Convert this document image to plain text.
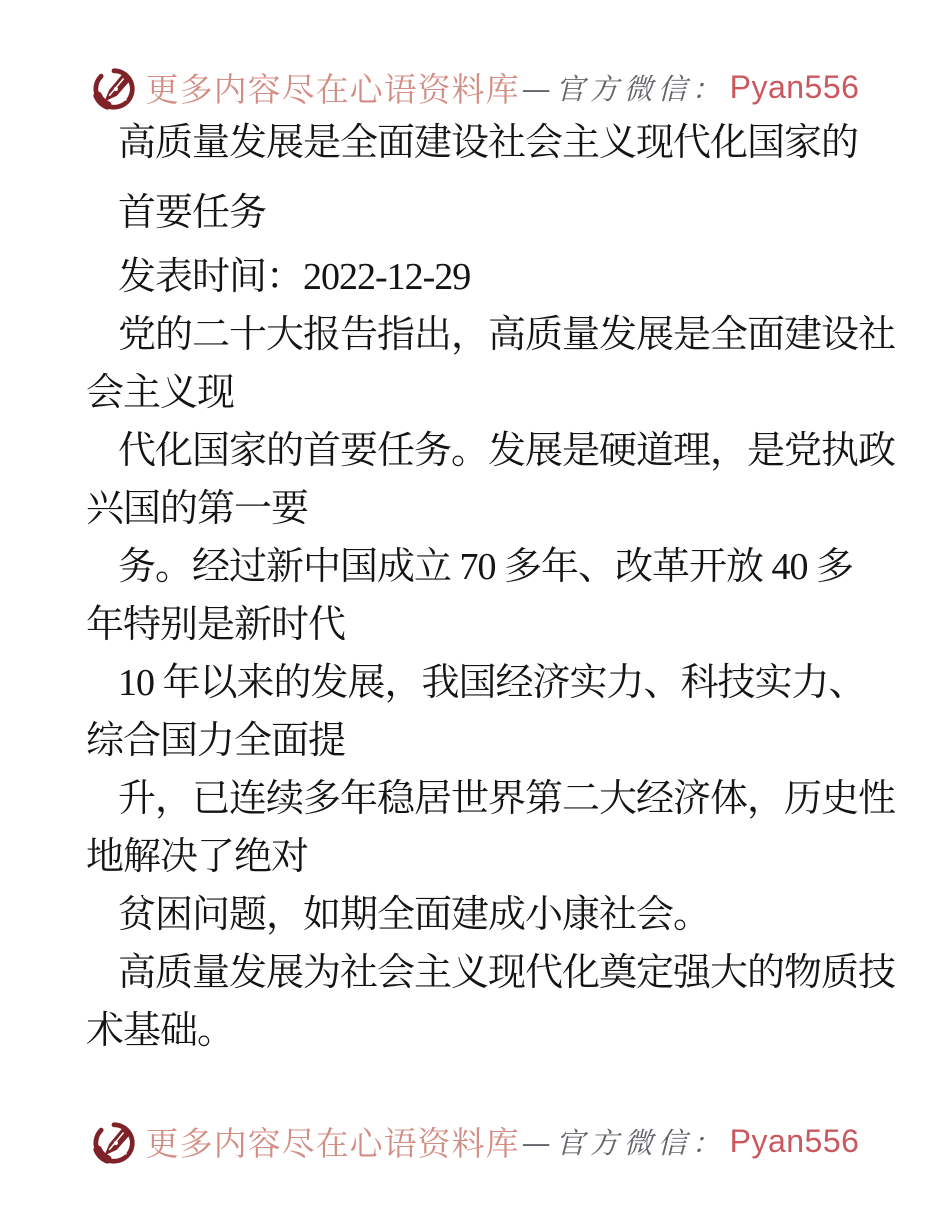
更多内容尽在心语资料库 —官方微信： Pyan556
高质量发展是全面建设社会主义现代化国家的
首要任务
发表时间：2022-12-29
党的二十大报告指出，高质量发展是全面建设社
会主义现
代化国家的首要任务。发展是硬道理，是党执政
兴国的第一要
务。经过新中国成立 70 多年、改革开放 40 多
年特别是新时代
10 年以来的发展，我国经济实力、科技实力、
综合国力全面提
升，已连续多年稳居世界第二大经济体，历史性
地解决了绝对
贫困问题，如期全面建成小康社会。
高质量发展为社会主义现代化奠定强大的物质技
术基础。
更多内容尽在心语资料库 —官方微信： Pyan556
